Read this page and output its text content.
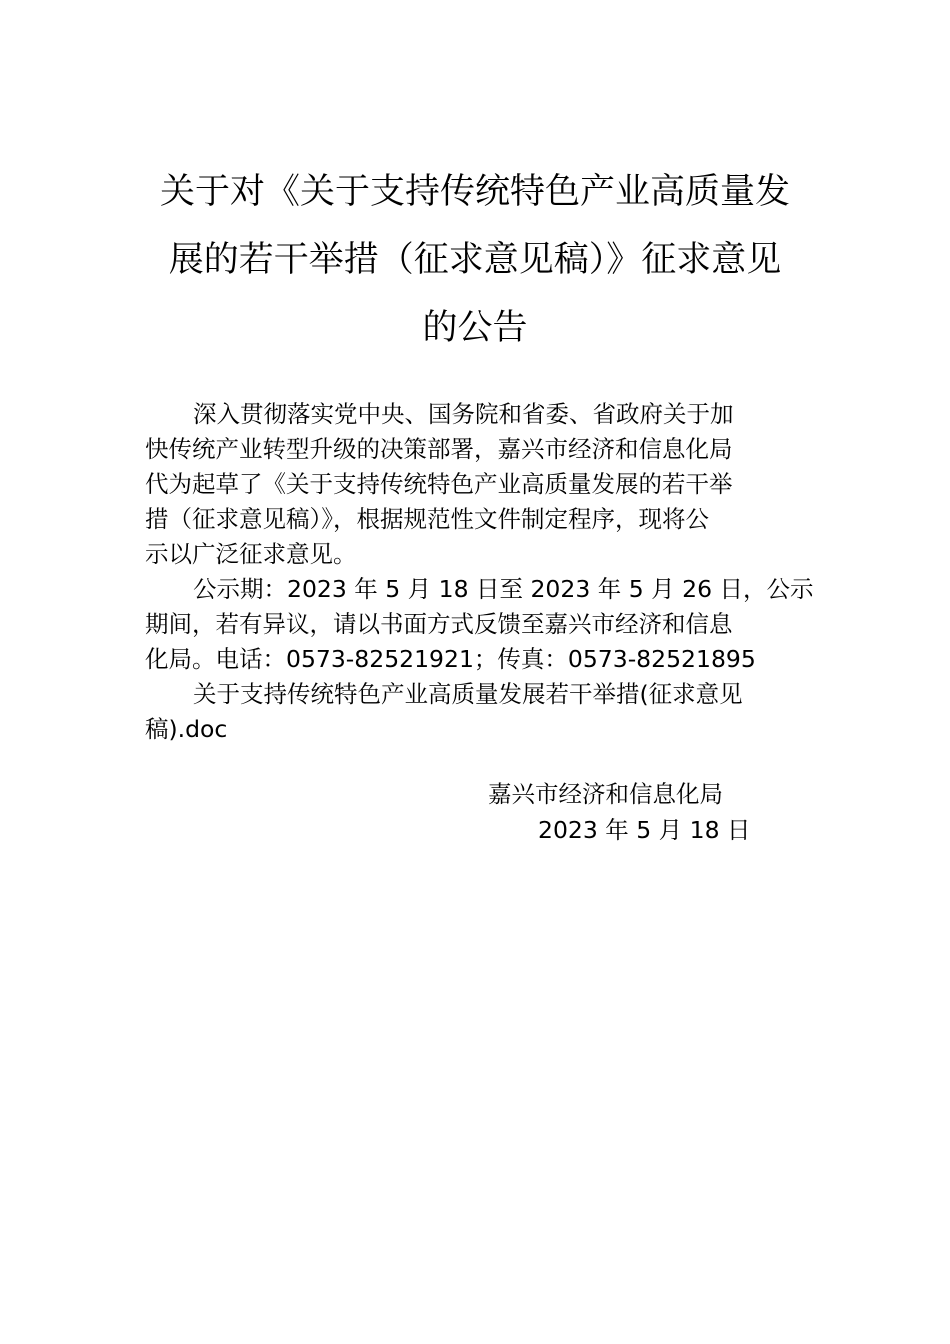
关于对《关于支持传统特色产业高质量发
展的若干举措（征求意见稿）》征求意见
的公告
深入贯彻落实党中央、国务院和省委、省政府关于加
快传统产业转型升级的决策部署，嘉兴市经济和信息化局
代为起草了《关于支持传统特色产业高质量发展的若干举
措（征求意见稿）》，根据规范性文件制定程序，现将公
示以广泛征求意见。
公示期：2023 年 5 月 18 日至 2023 年 5 月 26 日，公示
期间，若有异议，请以书面方式反馈至嘉兴市经济和信息
化局。电话：0573-82521921；传真：0573-82521895
关于支持传统特色产业高质量发展若干举措(征求意见
稿).doc
嘉兴市经济和信息化局
2023 年 5 月 18 日
